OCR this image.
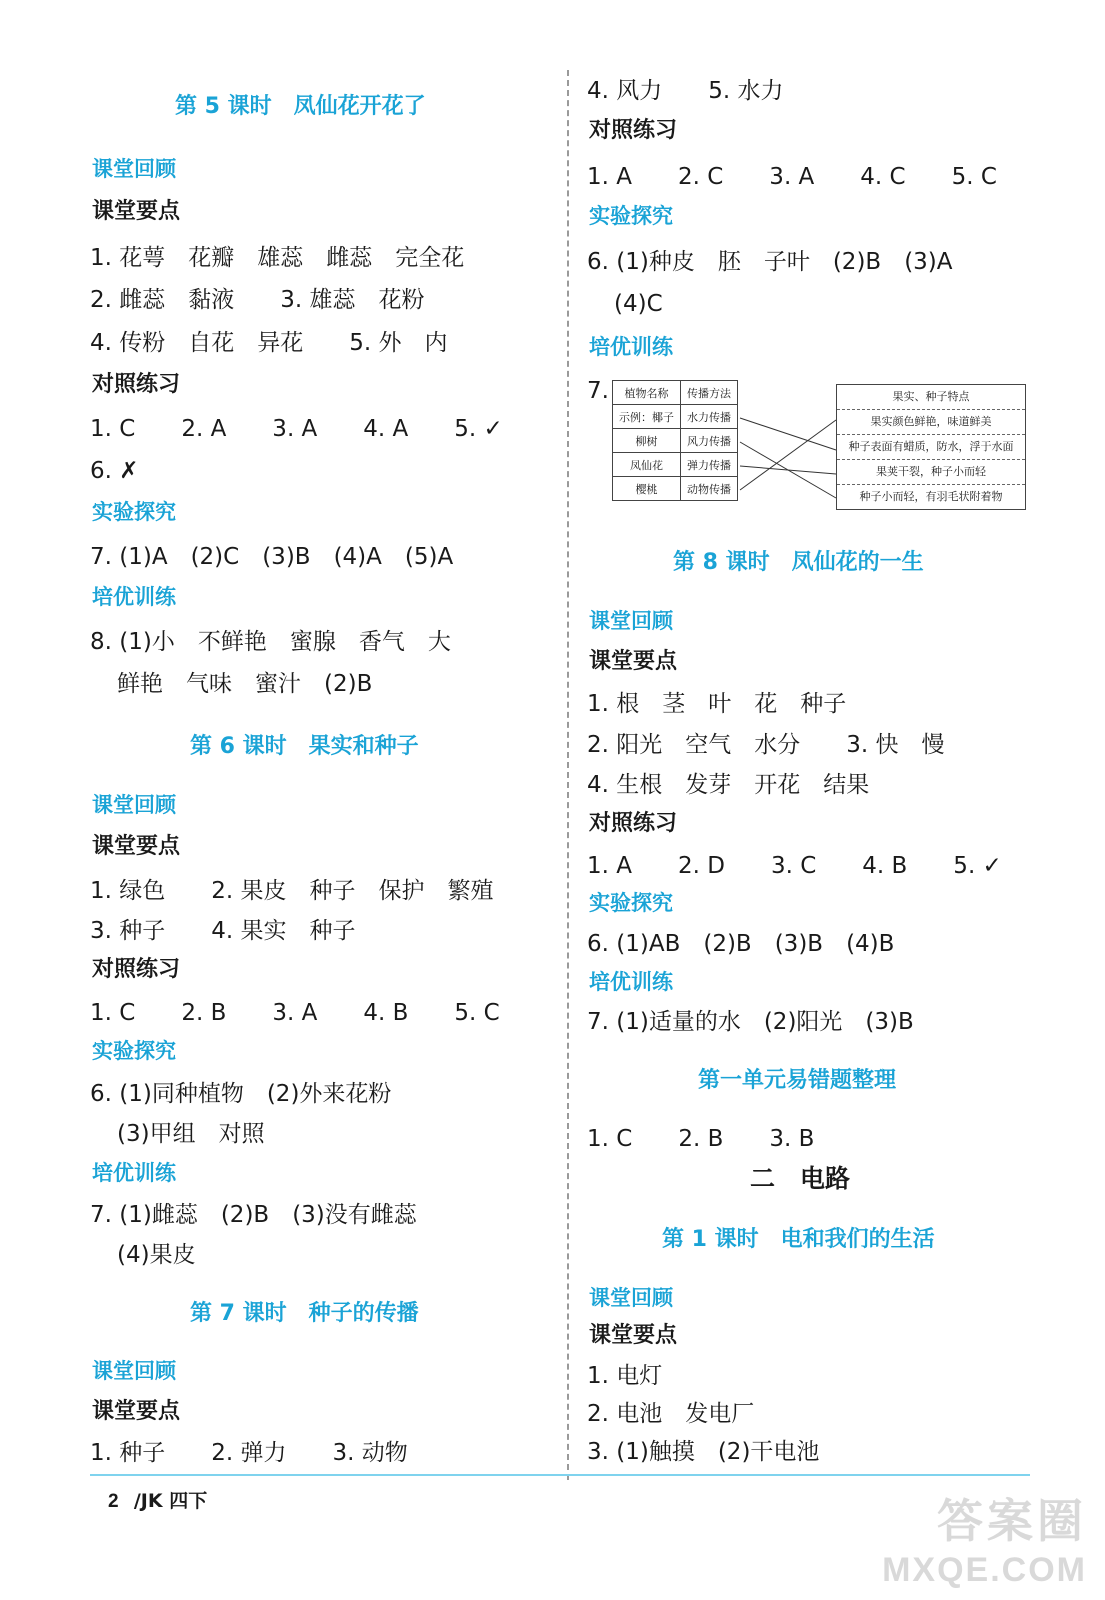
第 5 课时　凤仙花开花了
课堂回顾
课堂要点
1. 花萼　花瓣　雄蕊　雌蕊　完全花
2. 雌蕊　黏液　　3. 雄蕊　花粉
4. 传粉　自花　异花　　5. 外　内
对照练习
1. C　　2. A　　3. A　　4. A　　5. ✓
6. ✗
实验探究
7. (1)A　(2)C　(3)B　(4)A　(5)A
培优训练
8. (1)小　不鲜艳　蜜腺　香气　大
鲜艳　气味　蜜汁　(2)B
第 6 课时　果实和种子
课堂回顾
课堂要点
1. 绿色　　2. 果皮　种子　保护　繁殖
3. 种子　　4. 果实　种子
对照练习
1. C　　2. B　　3. A　　4. B　　5. C
实验探究
6. (1)同种植物　(2)外来花粉
(3)甲组　对照
培优训练
7. (1)雌蕊　(2)B　(3)没有雌蕊
(4)果皮
第 7 课时　种子的传播
课堂回顾
课堂要点
1. 种子　　2. 弹力　　3. 动物
4. 风力　　5. 水力
对照练习
1. A　　2. C　　3. A　　4. C　　5. C
实验探究
6. (1)种皮　胚　子叶　(2)B　(3)A
(4)C
培优训练
7. 植物名称	传播方法
示例：椰子	水力传播
柳树	风力传播
凤仙花	弹力传播
樱桃	动物传播
果实、种子特点
果实颜色鲜艳，味道鲜美
种子表面有蜡质，防水，浮于水面
果荚干裂，种子小而轻
种子小而轻，有羽毛状附着物
第 8 课时　凤仙花的一生
课堂回顾
课堂要点
1. 根　茎　叶　花　种子
2. 阳光　空气　水分　　3. 快　慢
4. 生根　发芽　开花　结果
对照练习
1. A　　2. D　　3. C　　4. B　　5. ✓
实验探究
6. (1)AB　(2)B　(3)B　(4)B
培优训练
7. (1)适量的水　(2)阳光　(3)B
第一单元易错题整理
1. C　　2. B　　3. B
二　电路
第 1 课时　电和我们的生活
课堂回顾
课堂要点
1. 电灯
2. 电池　发电厂
3. (1)触摸　(2)干电池
2 /JK 四下	答案圈
MXQE.COM
